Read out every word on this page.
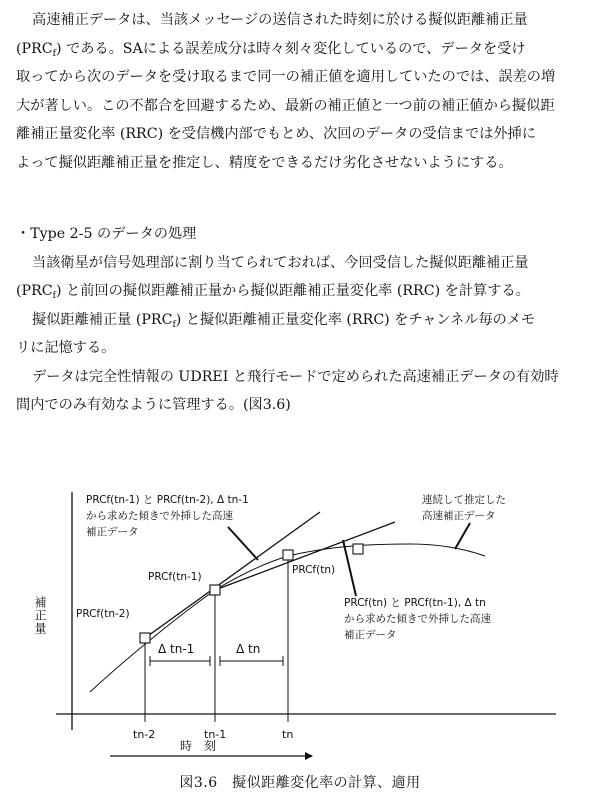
高速補正データは、当該メッセージの送信された時刻に於ける擬似距離補正量

$(PRC_f)$ である。SAによる誤差成分は時々刻々変化しているので、データを受け

取ってから次のデータを受け取るまで同一の補正値を適用していたのでは、誤差の増

大が著しい。この不都合を回避するため、最新の補正値と一つ前の補正値から擬似距

離補正量変化率 (RRC) を受信機内部でもとめ、次回のデータの受信までは外挿に

よって擬似距離補正量を推定し、精度をできるだけ劣化させないようにする。

・Type 2-5 のデータの処理

当該衛星が信号処理部に割り当てられておれば、今回受信した擬似距離補正量

$(PRC_f)$ と前回の擬似距離補正量から擬似距離補正量変化率 (RRC) を計算する。

擬似距離補正量 $(PRC_f)$ と擬似距離補正量変化率 (RRC) をチャンネル毎のメモ

リに記憶する。

データは完全性情報の UDREI と飛行モードで定められた高速補正データの有効時

間内でのみ有効なように管理する。(図3.6)

補正量
時　刻
tn-2	tn-1	tn
PRCf(tn-2)
PRCf(tn-1)
PRCf(tn)
Δ tn-1	Δ tn
PRCf(tn-1) と PRCf(tn-2), Δ tn-1 から求めた傾きで外挿した高速 補正データ
連続して推定した 高速補正データ
PRCf(tn) と PRCf(tn-1), Δ tn から求めた傾きで外挿した高速 補正データ
図3.6　擬似距離変化率の計算、適用
